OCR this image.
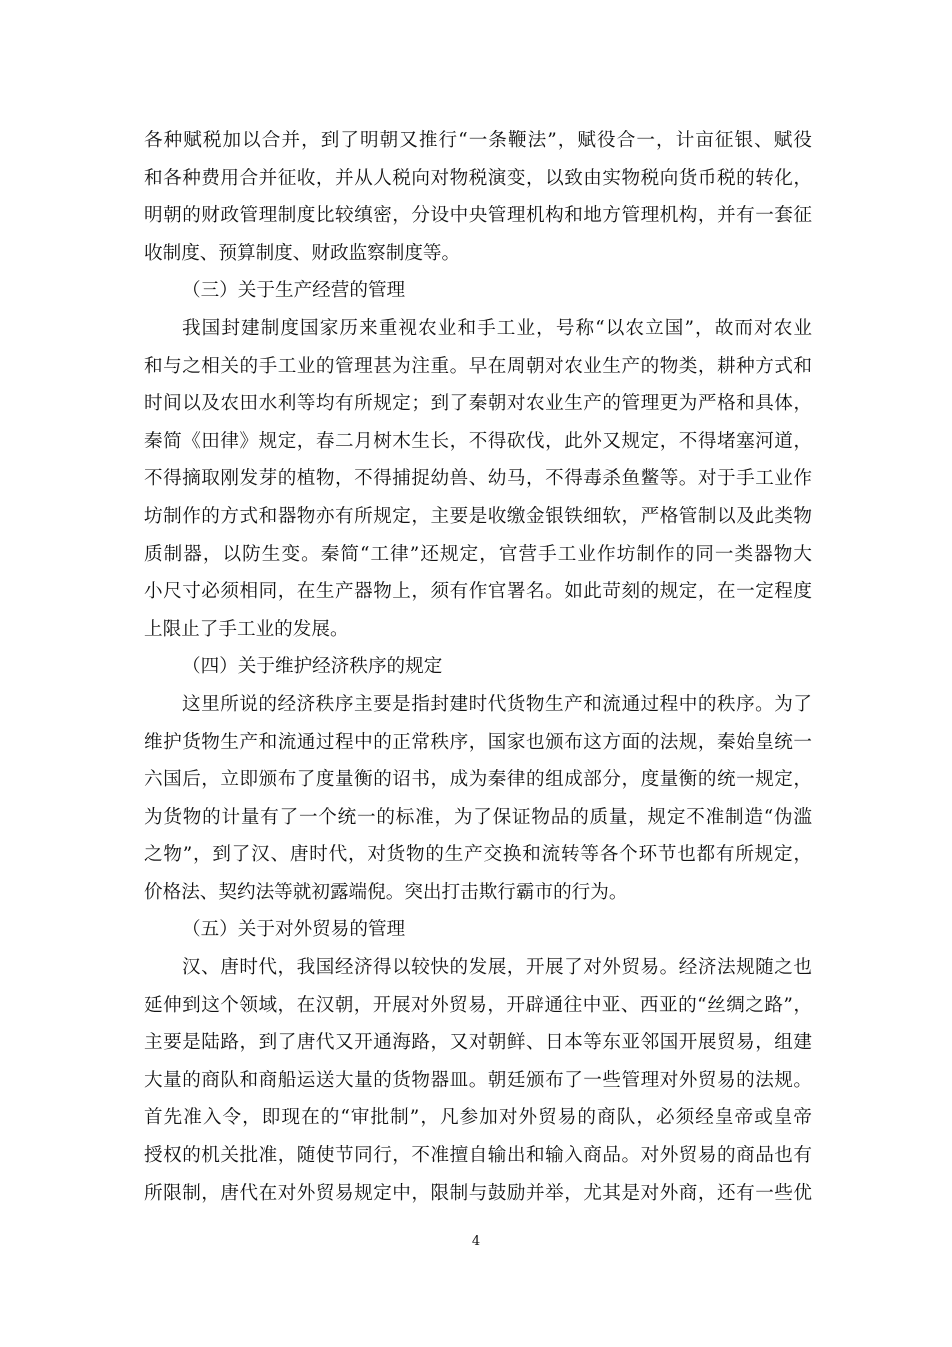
各种赋税加以合并，到了明朝又推行“一条鞭法”，赋役合一，计亩征银、赋役
和各种费用合并征收，并从人税向对物税演变，以致由实物税向货币税的转化，
明朝的财政管理制度比较缜密，分设中央管理机构和地方管理机构，并有一套征
收制度、预算制度、财政监察制度等。
（三）关于生产经营的管理
我国封建制度国家历来重视农业和手工业，号称“以农立国”，故而对农业
和与之相关的手工业的管理甚为注重。早在周朝对农业生产的物类，耕种方式和
时间以及农田水利等均有所规定；到了秦朝对农业生产的管理更为严格和具体，
秦简《田律》规定，春二月树木生长，不得砍伐，此外又规定，不得堵塞河道，
不得摘取刚发芽的植物，不得捕捉幼兽、幼马，不得毒杀鱼鳖等。对于手工业作
坊制作的方式和器物亦有所规定，主要是收缴金银铁细软，严格管制以及此类物
质制器，以防生变。秦简“工律”还规定，官营手工业作坊制作的同一类器物大
小尺寸必须相同，在生产器物上，须有作官署名。如此苛刻的规定，在一定程度
上限止了手工业的发展。
（四）关于维护经济秩序的规定
这里所说的经济秩序主要是指封建时代货物生产和流通过程中的秩序。为了
维护货物生产和流通过程中的正常秩序，国家也颁布这方面的法规，秦始皇统一
六国后，立即颁布了度量衡的诏书，成为秦律的组成部分，度量衡的统一规定，
为货物的计量有了一个统一的标准，为了保证物品的质量，规定不准制造“伪滥
之物”，到了汉、唐时代，对货物的生产交换和流转等各个环节也都有所规定，
价格法、契约法等就初露端倪。突出打击欺行霸市的行为。
（五）关于对外贸易的管理
汉、唐时代，我国经济得以较快的发展，开展了对外贸易。经济法规随之也
延伸到这个领域，在汉朝，开展对外贸易，开辟通往中亚、西亚的“丝绸之路”，
主要是陆路，到了唐代又开通海路，又对朝鲜、日本等东亚邻国开展贸易，组建
大量的商队和商船运送大量的货物器皿。朝廷颁布了一些管理对外贸易的法规。
首先准入令，即现在的“审批制”，凡参加对外贸易的商队，必须经皇帝或皇帝
授权的机关批准，随使节同行，不准擅自输出和输入商品。对外贸易的商品也有
所限制，唐代在对外贸易规定中，限制与鼓励并举，尤其是对外商，还有一些优
4
